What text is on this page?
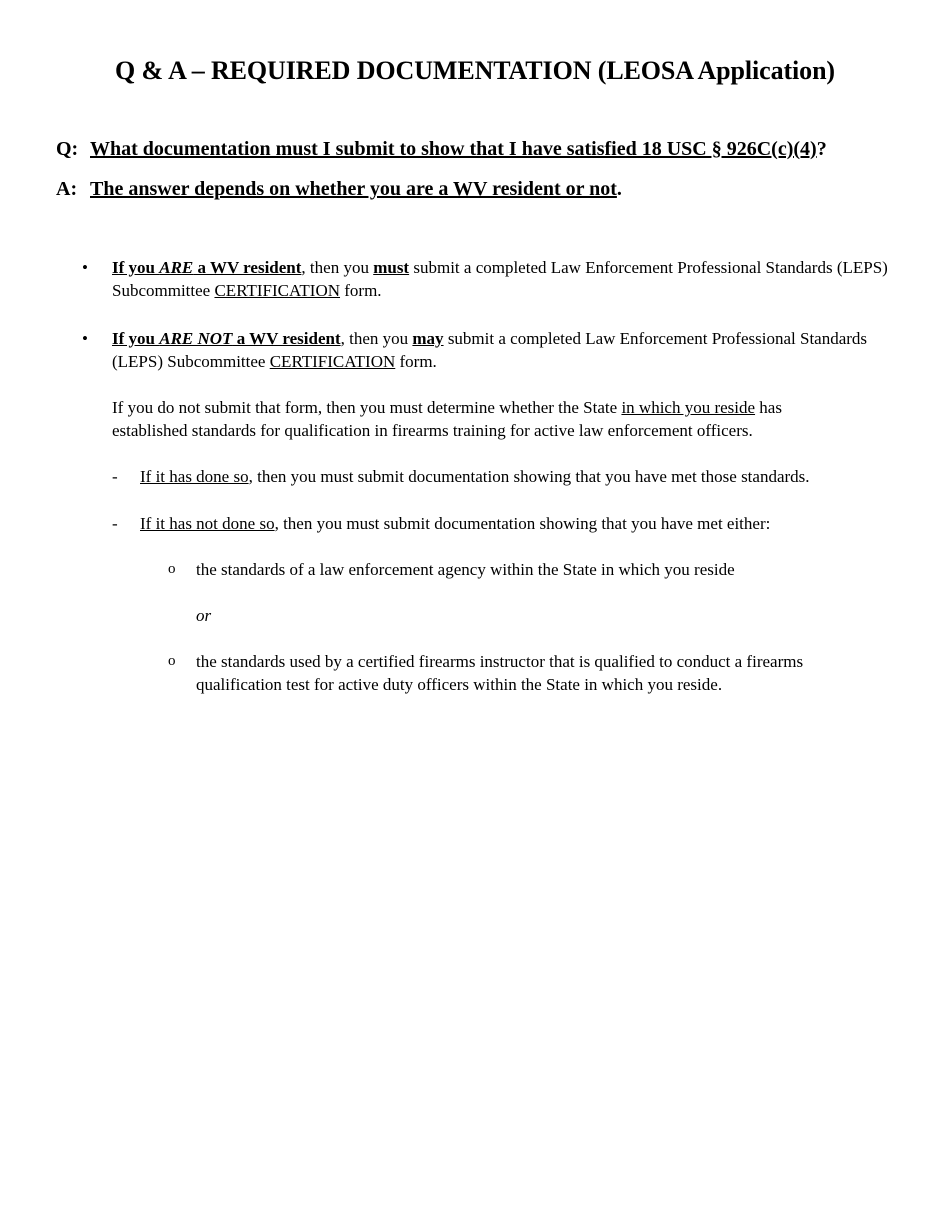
Q & A – REQUIRED DOCUMENTATION (LEOSA Application)
Q: What documentation must I submit to show that I have satisfied 18 USC § 926C(c)(4)?
A: The answer depends on whether you are a WV resident or not.
• If you ARE a WV resident, then you must submit a completed Law Enforcement Professional Standards (LEPS) Subcommittee CERTIFICATION form.
• If you ARE NOT a WV resident, then you may submit a completed Law Enforcement Professional Standards (LEPS) Subcommittee CERTIFICATION form.
If you do not submit that form, then you must determine whether the State in which you reside has established standards for qualification in firearms training for active law enforcement officers.
- If it has done so, then you must submit documentation showing that you have met those standards.
- If it has not done so, then you must submit documentation showing that you have met either:
o the standards of a law enforcement agency within the State in which you reside
or
o the standards used by a certified firearms instructor that is qualified to conduct a firearms qualification test for active duty officers within the State in which you reside.
